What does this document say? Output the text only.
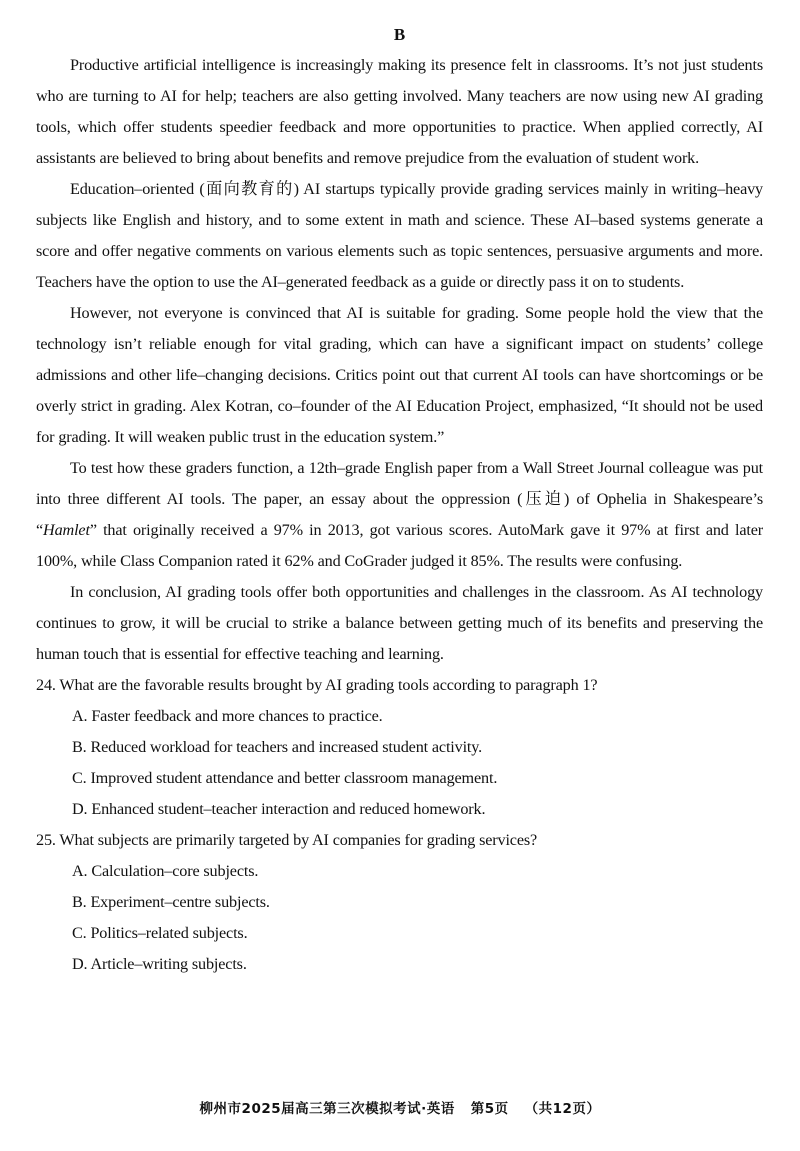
B

Productive artificial intelligence is increasingly making its presence felt in classrooms. It’s not just students who are turning to AI for help; teachers are also getting involved. Many teachers are now using new AI grading tools, which offer students speedier feedback and more opportunities to practice. When applied correctly, AI assistants are believed to bring about benefits and remove prejudice from the evaluation of student work.

Education–oriented (面向教育的) AI startups typically provide grading services mainly in writing–heavy subjects like English and history, and to some extent in math and science. These AI–based systems generate a score and offer negative comments on various elements such as topic sentences, persuasive arguments and more. Teachers have the option to use the AI–generated feedback as a guide or directly pass it on to students.

However, not everyone is convinced that AI is suitable for grading. Some people hold the view that the technology isn’t reliable enough for vital grading, which can have a significant impact on students’ college admissions and other life–changing decisions. Critics point out that current AI tools can have shortcomings or be overly strict in grading. Alex Kotran, co–founder of the AI Education Project, emphasized, “It should not be used for grading. It will weaken public trust in the education system.”

To test how these graders function, a 12th–grade English paper from a Wall Street Journal colleague was put into three different AI tools. The paper, an essay about the oppression (压迫) of Ophelia in Shakespeare’s “Hamlet” that originally received a 97% in 2013, got various scores. AutoMark gave it 97% at first and later 100%, while Class Companion rated it 62% and CoGrader judged it 85%. The results were confusing.

In conclusion, AI grading tools offer both opportunities and challenges in the classroom. As AI technology continues to grow, it will be crucial to strike a balance between getting much of its benefits and preserving the human touch that is essential for effective teaching and learning.

24. What are the favorable results brought by AI grading tools according to paragraph 1?

A. Faster feedback and more chances to practice.

B. Reduced workload for teachers and increased student activity.

C. Improved student attendance and better classroom management.

D. Enhanced student–teacher interaction and reduced homework.

25. What subjects are primarily targeted by AI companies for grading services?

A. Calculation–core subjects.

B. Experiment–centre subjects.

C. Politics–related subjects.

D. Article–writing subjects.

柳州市2025届高三第三次模拟考试·英语 第5页 （共12页）
